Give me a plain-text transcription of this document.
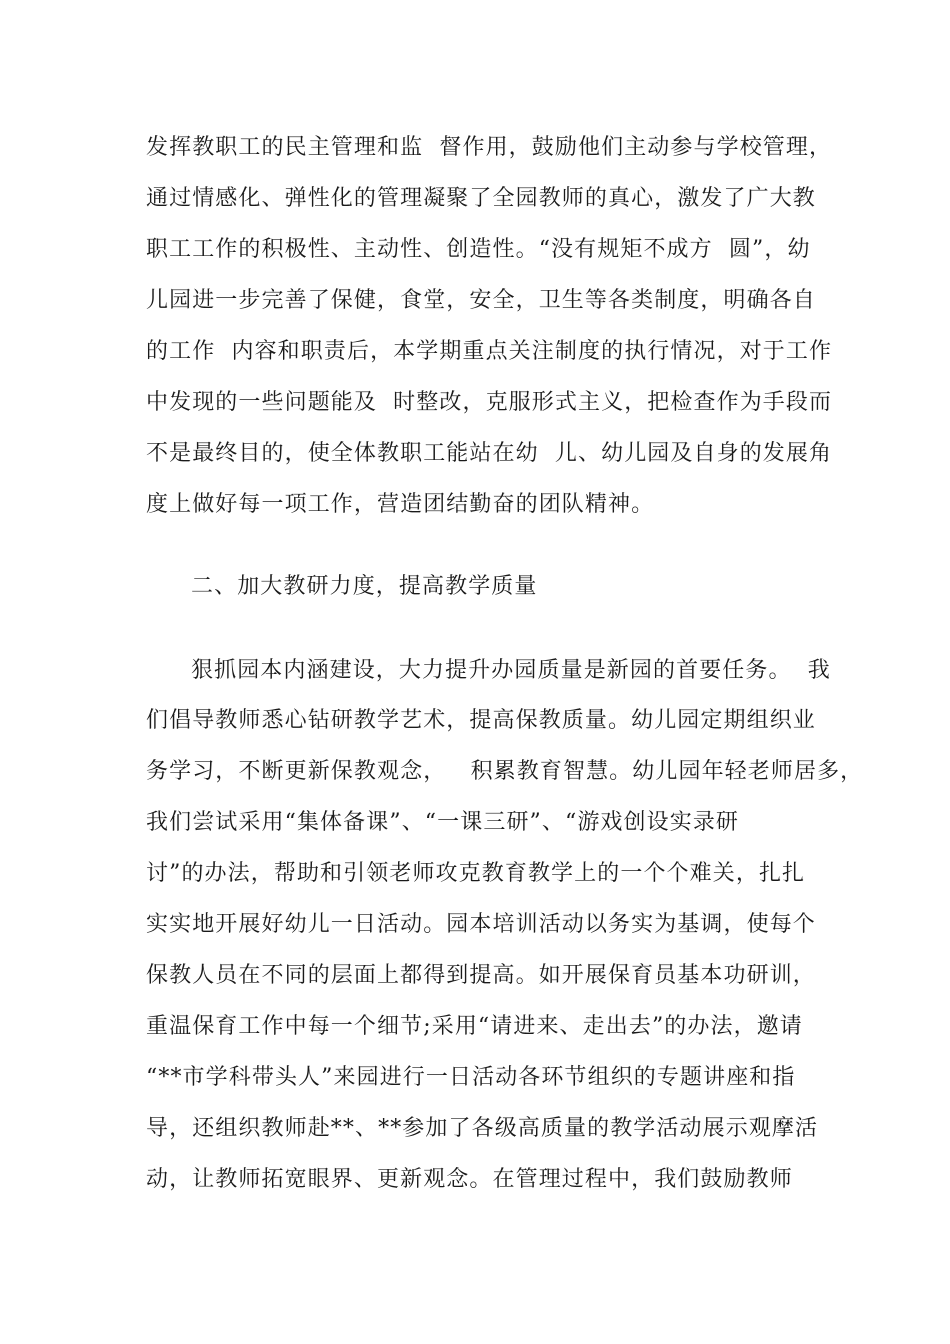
发挥教职工的民主管理和监  督作用，鼓励他们主动参与学校管理，
通过情感化、弹性化的管理凝聚了全园教师的真心，激发了广大教
职工工作的积极性、主动性、创造性。“没有规矩不成方  圆”，幼
儿园进一步完善了保健，食堂，安全，卫生等各类制度，明确各自
的工作  内容和职责后，本学期重点关注制度的执行情况，对于工作
中发现的一些问题能及  时整改，克服形式主义，把检查作为手段而
不是最终目的，使全体教职工能站在幼  儿、幼儿园及自身的发展角
度上做好每一项工作，营造团结勤奋的团队精神。
二、加大教研力度，提高教学质量
狠抓园本内涵建设，大力提升办园质量是新园的首要任务。  我
们倡导教师悉心钻研教学艺术，提高保教质量。幼儿园定期组织业
务学习，不断更新保教观念，   积累教育智慧。幼儿园年轻老师居多，
我们尝试采用“集体备课”、“一课三研”、“游戏创设实录研
讨”的办法，帮助和引领老师攻克教育教学上的一个个难关，扎扎
实实地开展好幼儿一日活动。园本培训活动以务实为基调，使每个
保教人员在不同的层面上都得到提高。如开展保育员基本功研训，
重温保育工作中每一个细节;采用“请进来、走出去”的办法，邀请
“**市学科带头人”来园进行一日活动各环节组织的专题讲座和指
导，还组织教师赴**、**参加了各级高质量的教学活动展示观摩活
动，让教师拓宽眼界、更新观念。在管理过程中，我们鼓励教师
